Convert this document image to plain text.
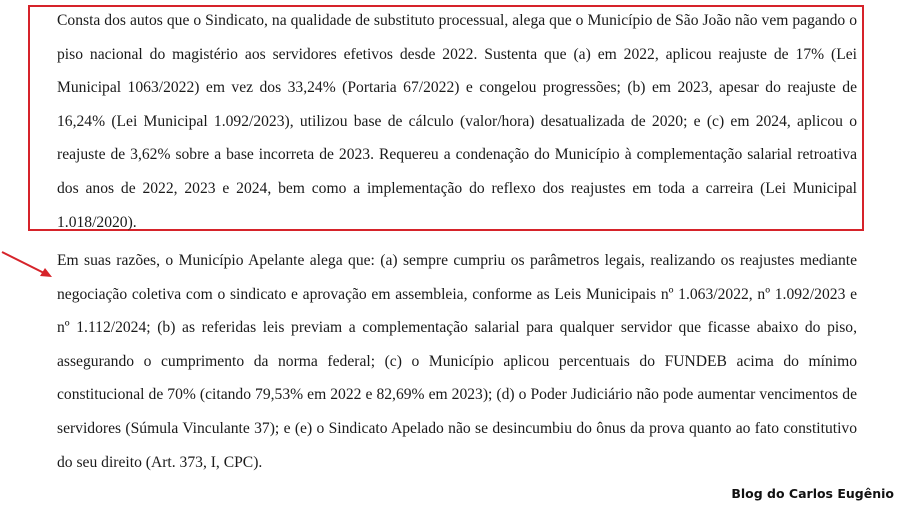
Consta dos autos que o Sindicato, na qualidade de substituto processual, alega que o Município de São João não vem pagando o piso nacional do magistério aos servidores efetivos desde 2022. Sustenta que (a) em 2022, aplicou reajuste de 17% (Lei Municipal 1063/2022) em vez dos 33,24% (Portaria 67/2022) e congelou progressões; (b) em 2023, apesar do reajuste de 16,24% (Lei Municipal 1.092/2023), utilizou base de cálculo (valor/hora) desatualizada de 2020; e (c) em 2024, aplicou o reajuste de 3,62% sobre a base incorreta de 2023. Requereu a condenação do Município à complementação salarial retroativa dos anos de 2022, 2023 e 2024, bem como a implementação do reflexo dos reajustes em toda a carreira (Lei Municipal 1.018/2020).

Em suas razões, o Município Apelante alega que: (a) sempre cumpriu os parâmetros legais, realizando os reajustes mediante negociação coletiva com o sindicato e aprovação em assembleia, conforme as Leis Municipais nº 1.063/2022, nº 1.092/2023 e nº 1.112/2024; (b) as referidas leis previam a complementação salarial para qualquer servidor que ficasse abaixo do piso, assegurando o cumprimento da norma federal; (c) o Município aplicou percentuais do FUNDEB acima do mínimo constitucional de 70% (citando 79,53% em 2022 e 82,69% em 2023); (d) o Poder Judiciário não pode aumentar vencimentos de servidores (Súmula Vinculante 37); e (e) o Sindicato Apelado não se desincumbiu do ônus da prova quanto ao fato constitutivo do seu direito (Art. 373, I, CPC).

Blog do Carlos Eugênio
